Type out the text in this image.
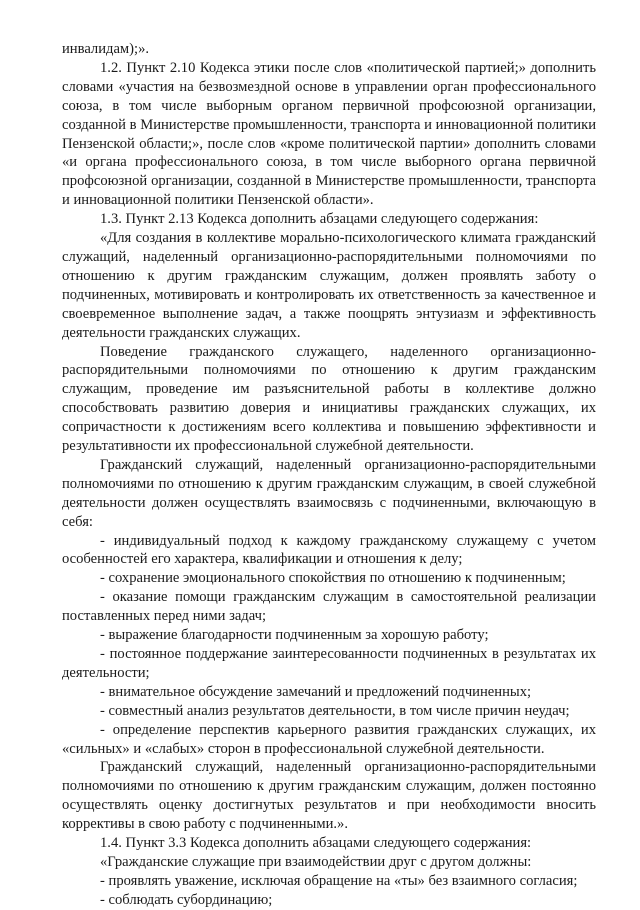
инвалидам);».

1.2. Пункт 2.10 Кодекса этики после слов «политической партией;» дополнить словами «участия на безвозмездной основе в управлении орган профессионального союза, в том числе выборным органом первичной профсоюзной организации, созданной в Министерстве промышленности, транспорта и инновационной политики Пензенской области;», после слов «кроме политической партии» дополнить словами «и органа профессионального союза, в том числе выборного органа первичной профсоюзной организации, созданной в Министерстве промышленности, транспорта и инновационной политики Пензенской области».

1.3. Пункт 2.13 Кодекса дополнить абзацами следующего содержания:

«Для создания в коллективе морально-психологического климата гражданский служащий, наделенный организационно-распорядительными полномочиями по отношению к другим гражданским служащим, должен проявлять заботу о подчиненных, мотивировать и контролировать их ответственность за качественное и своевременное выполнение задач, а также поощрять энтузиазм и эффективность деятельности гражданских служащих.

Поведение гражданского служащего, наделенного организационно-распорядительными полномочиями по отношению к другим гражданским служащим, проведение им разъяснительной работы в коллективе должно способствовать развитию доверия и инициативы гражданских служащих, их сопричастности к достижениям всего коллектива и повышению эффективности и результативности их профессиональной служебной деятельности.

Гражданский служащий, наделенный организационно-распорядительными полномочиями по отношению к другим гражданским служащим, в своей служебной деятельности должен осуществлять взаимосвязь с подчиненными, включающую в себя:

- индивидуальный подход к каждому гражданскому служащему с учетом особенностей его характера, квалификации и отношения к делу;

- сохранение эмоционального спокойствия по отношению к подчиненным;

- оказание помощи гражданским служащим в самостоятельной реализации поставленных перед ними задач;

- выражение благодарности подчиненным за хорошую работу;

- постоянное поддержание заинтересованности подчиненных в результатах их деятельности;

- внимательное обсуждение замечаний и предложений подчиненных;

- совместный анализ результатов деятельности, в том числе причин неудач;

- определение перспектив карьерного развития гражданских служащих, их «сильных» и «слабых» сторон в профессиональной служебной деятельности.

Гражданский служащий, наделенный организационно-распорядительными полномочиями по отношению к другим гражданским служащим, должен постоянно осуществлять оценку достигнутых результатов и при необходимости вносить коррективы в свою работу с подчиненными.».

1.4. Пункт 3.3 Кодекса дополнить абзацами следующего содержания:

«Гражданские служащие при взаимодействии друг с другом должны:

- проявлять уважение, исключая обращение на «ты» без взаимного согласия;

- соблюдать субординацию;
